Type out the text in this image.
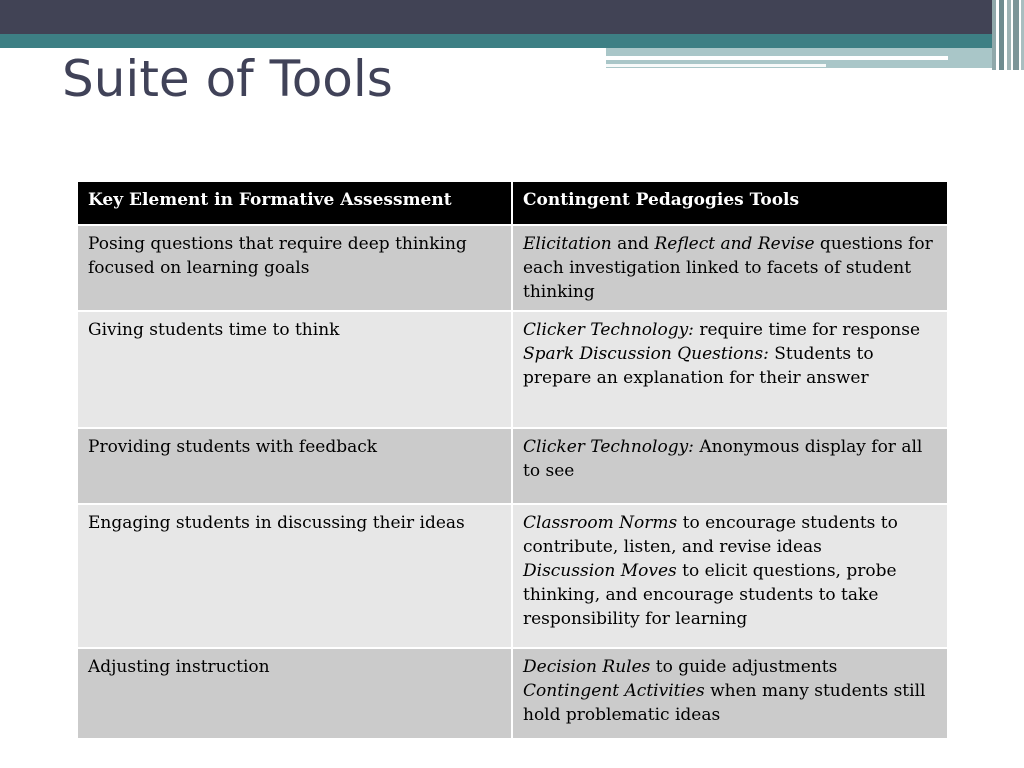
Suite of Tools
Key Element in Formative Assessment	Contingent Pedagogies Tools
Posing questions that require deep thinking focused on learning goals	Elicitation and Reflect and Revise questions for each investigation linked to facets of student thinking

Giving students time to think	Clicker Technology: require time for response
Spark Discussion Questions: Students to prepare an explanation for their answer

Providing students with feedback	Clicker Technology: Anonymous display for all to see

Engaging students in discussing their ideas	Classroom Norms to encourage students to contribute, listen, and revise ideas
Discussion Moves to elicit questions, probe thinking, and encourage students to take responsibility for learning

Adjusting instruction	Decision Rules to guide adjustments
Contingent Activities when many students still hold problematic ideas
